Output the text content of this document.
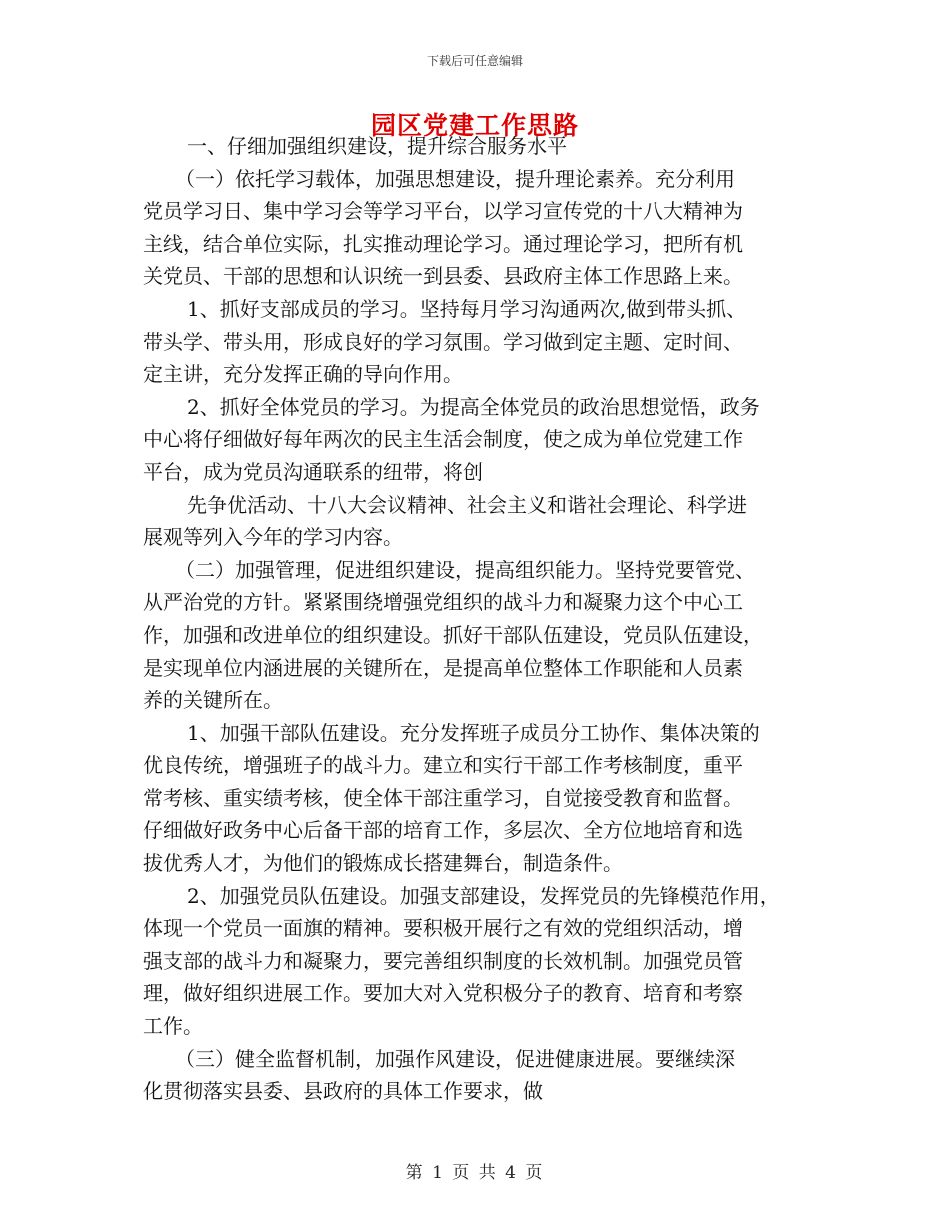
下载后可任意编辑
园区党建工作思路
一、仔细加强组织建设，提升综合服务水平
（一）依托学习载体，加强思想建设，提升理论素养。充分利用
党员学习日、集中学习会等学习平台，以学习宣传党的十八大精神为
主线，结合单位实际，扎实推动理论学习。通过理论学习，把所有机
关党员、干部的思想和认识统一到县委、县政府主体工作思路上来。
1、抓好支部成员的学习。坚持每月学习沟通两次,做到带头抓、
带头学、带头用，形成良好的学习氛围。学习做到定主题、定时间、
定主讲，充分发挥正确的导向作用。
2、抓好全体党员的学习。为提高全体党员的政治思想觉悟，政务
中心将仔细做好每年两次的民主生活会制度，使之成为单位党建工作
平台，成为党员沟通联系的纽带，将创
先争优活动、十八大会议精神、社会主义和谐社会理论、科学进
展观等列入今年的学习内容。
（二）加强管理，促进组织建设，提高组织能力。坚持党要管党、
从严治党的方针。紧紧围绕增强党组织的战斗力和凝聚力这个中心工
作，加强和改进单位的组织建设。抓好干部队伍建设，党员队伍建设，
是实现单位内涵进展的关键所在，是提高单位整体工作职能和人员素
养的关键所在。
1、加强干部队伍建设。充分发挥班子成员分工协作、集体决策的
优良传统，增强班子的战斗力。建立和实行干部工作考核制度，重平
常考核、重实绩考核，使全体干部注重学习，自觉接受教育和监督。
仔细做好政务中心后备干部的培育工作，多层次、全方位地培育和选
拔优秀人才，为他们的锻炼成长搭建舞台，制造条件。
2、加强党员队伍建设。加强支部建设，发挥党员的先锋模范作用，
体现一个党员一面旗的精神。要积极开展行之有效的党组织活动，增
强支部的战斗力和凝聚力，要完善组织制度的长效机制。加强党员管
理，做好组织进展工作。要加大对入党积极分子的教育、培育和考察
工作。
（三）健全监督机制，加强作风建设，促进健康进展。要继续深
化贯彻落实县委、县政府的具体工作要求，做
第 1 页 共 4 页
